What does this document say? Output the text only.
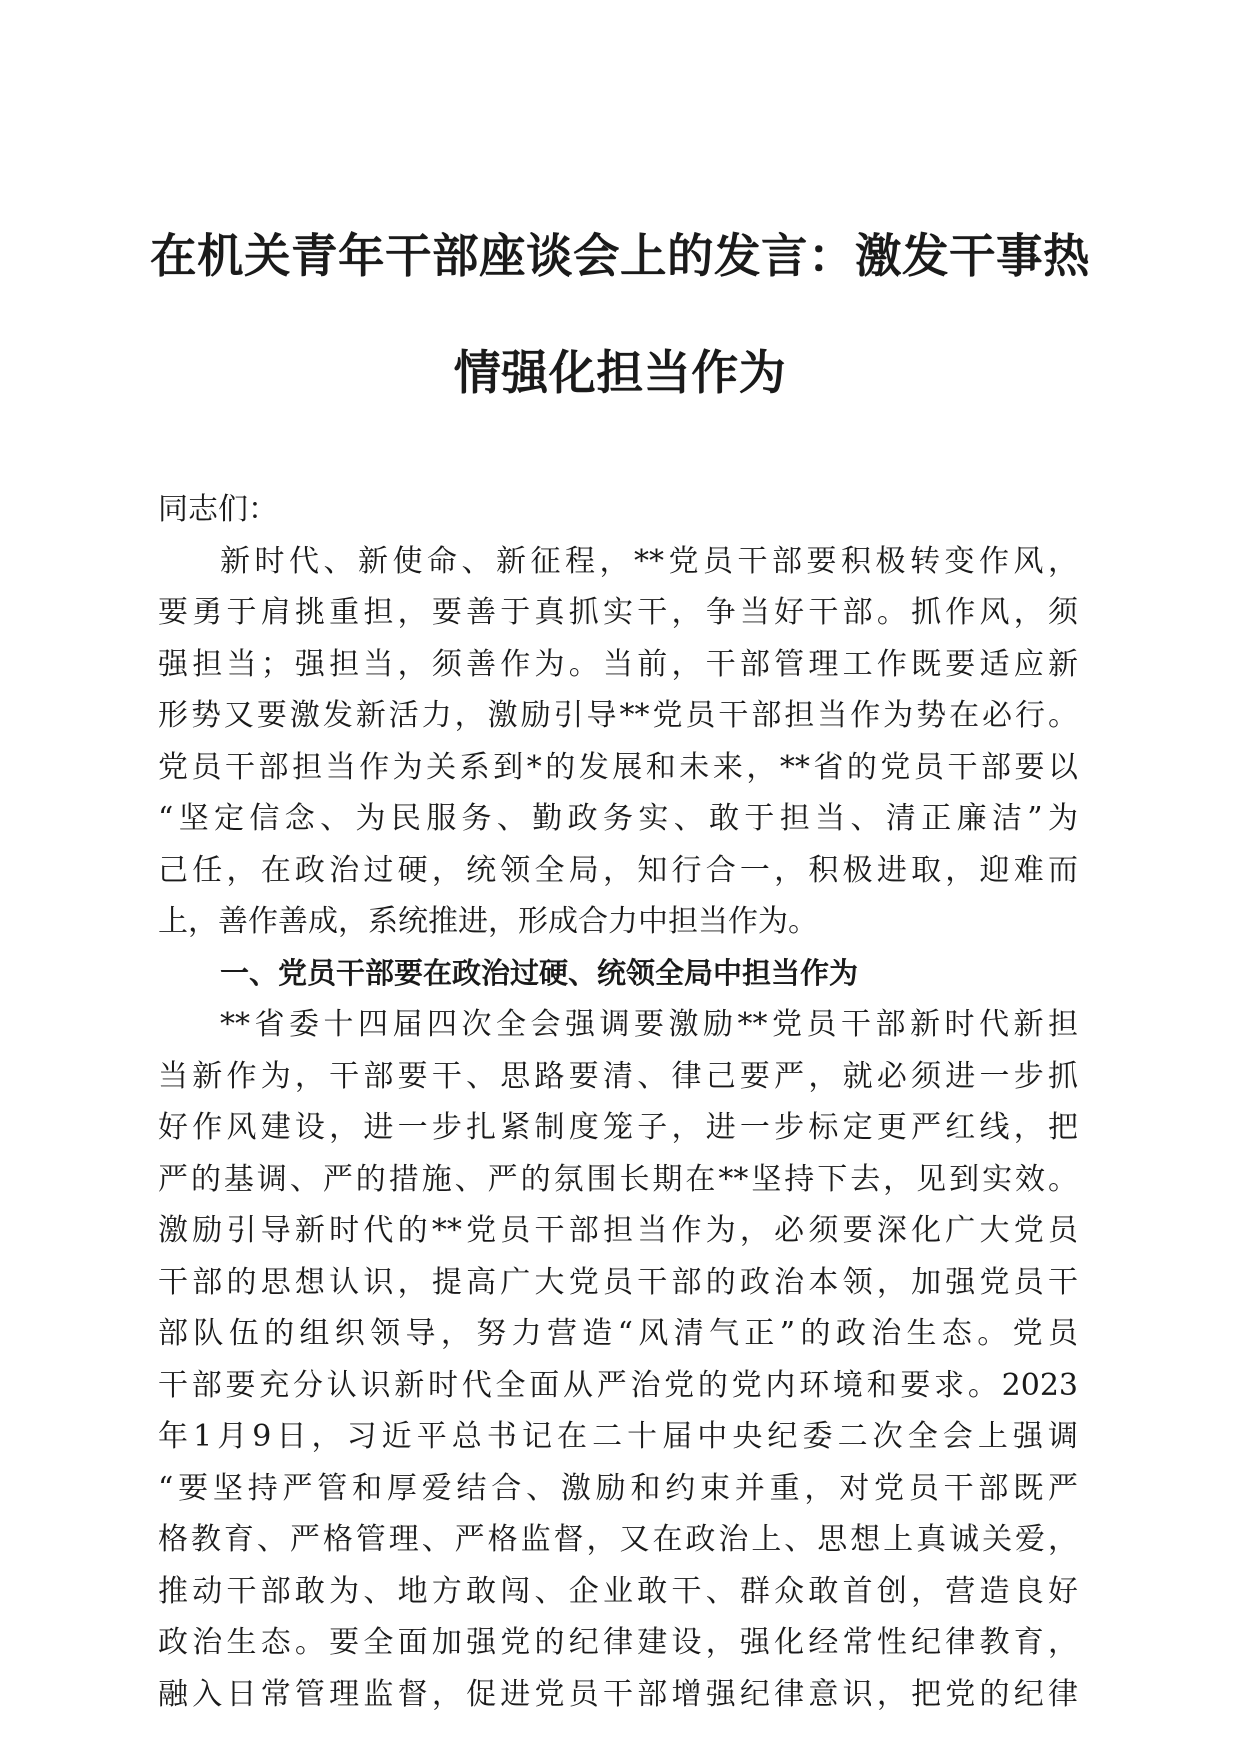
在机关青年干部座谈会上的发言：激发干事热
情强化担当作为
同志们：
新时代、新使命、新征程，**党员干部要积极转变作风，
要勇于肩挑重担，要善于真抓实干，争当好干部。抓作风，须
强担当；强担当，须善作为。当前，干部管理工作既要适应新
形势又要激发新活力，激励引导**党员干部担当作为势在必行。
党员干部担当作为关系到*的发展和未来，**省的党员干部要以
“坚定信念、为民服务、勤政务实、敢于担当、清正廉洁”为
己任，在政治过硬，统领全局，知行合一，积极进取，迎难而
上，善作善成，系统推进，形成合力中担当作为。
一、党员干部要在政治过硬、统领全局中担当作为
**省委十四届四次全会强调要激励**党员干部新时代新担
当新作为，干部要干、思路要清、律己要严，就必须进一步抓
好作风建设，进一步扎紧制度笼子，进一步标定更严红线，把
严的基调、严的措施、严的氛围长期在**坚持下去，见到实效。
激励引导新时代的**党员干部担当作为，必须要深化广大党员
干部的思想认识，提高广大党员干部的政治本领，加强党员干
部队伍的组织领导，努力营造“风清气正”的政治生态。党员
干部要充分认识新时代全面从严治党的党内环境和要求。2023
年1月9日，习近平总书记在二十届中央纪委二次全会上强调
“要坚持严管和厚爱结合、激励和约束并重，对党员干部既严
格教育、严格管理、严格监督，又在政治上、思想上真诚关爱，
推动干部敢为、地方敢闯、企业敢干、群众敢首创，营造良好
政治生态。要全面加强党的纪律建设，强化经常性纪律教育，
融入日常管理监督，促进党员干部增强纪律意识，把党的纪律
